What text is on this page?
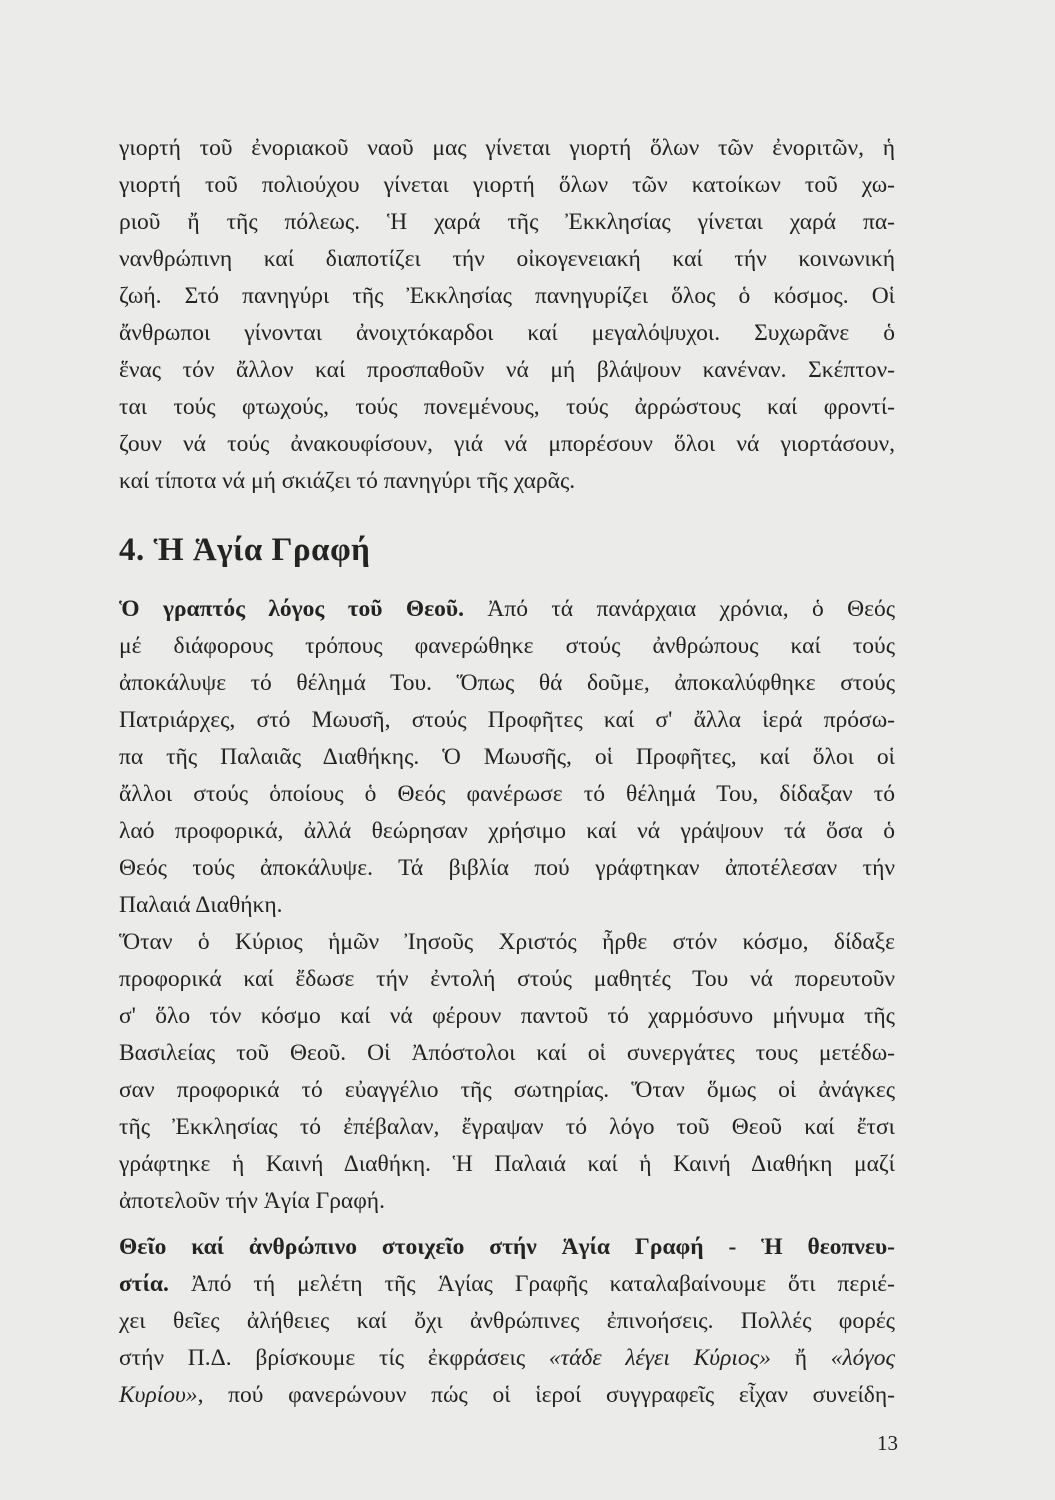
γιορτή τοῦ ἐνοριακοῦ ναοῦ μας γίνεται γιορτή ὅλων τῶν ἐνοριτῶν, ἡ
γιορτή τοῦ πολιούχου γίνεται γιορτή ὅλων τῶν κατοίκων τοῦ χω-
ριοῦ ἤ τῆς πόλεως. Ἡ χαρά τῆς Ἐκκλησίας γίνεται χαρά πα-
νανθρώπινη καί διαποτίζει τήν οἰκογενειακή καί τήν κοινωνική
ζωή. Στό πανηγύρι τῆς Ἐκκλησίας πανηγυρίζει ὅλος ὁ κόσμος. Οἱ
ἄνθρωποι γίνονται ἀνοιχτόκαρδοι καί μεγαλόψυχοι. Συχωρᾶνε ὁ
ἕνας τόν ἄλλον καί προσπαθοῦν νά μή βλάψουν κανέναν. Σκέπτον-
ται τούς φτωχούς, τούς πονεμένους, τούς ἀρρώστους καί φροντί-
ζουν νά τούς ἀνακουφίσουν, γιά νά μπορέσουν ὅλοι νά γιορτάσουν,
καί τίποτα νά μή σκιάζει τό πανηγύρι τῆς χαρᾶς.
4. Ἡ Ἁγία Γραφή
Ὁ γραπτός λόγος τοῦ Θεοῦ. Ἀπό τά πανάρχαια χρόνια, ὁ Θεός
μέ διάφορους τρόπους φανερώθηκε στούς ἀνθρώπους καί τούς
ἀποκάλυψε τό θέλημά Του. Ὅπως θά δοῦμε, ἀποκαλύφθηκε στούς
Πατριάρχες, στό Μωυσῆ, στούς Προφῆτες καί σ' ἄλλα ἱερά πρόσω-
πα τῆς Παλαιᾶς Διαθήκης. Ὁ Μωυσῆς, οἱ Προφῆτες, καί ὅλοι οἱ
ἄλλοι στούς ὁποίους ὁ Θεός φανέρωσε τό θέλημά Του, δίδαξαν τό
λαό προφορικά, ἀλλά θεώρησαν χρήσιμο καί νά γράψουν τά ὅσα ὁ
Θεός τούς ἀποκάλυψε. Τά βιβλία πού γράφτηκαν ἀποτέλεσαν τήν
Παλαιά Διαθήκη.
Ὅταν ὁ Κύριος ἡμῶν Ἰησοῦς Χριστός ἦρθε στόν κόσμο, δίδαξε
προφορικά καί ἔδωσε τήν ἐντολή στούς μαθητές Του νά πορευτοῦν
σ' ὅλο τόν κόσμο καί νά φέρουν παντοῦ τό χαρμόσυνο μήνυμα τῆς
Βασιλείας τοῦ Θεοῦ. Οἱ Ἀπόστολοι καί οἱ συνεργάτες τους μετέδω-
σαν προφορικά τό εὐαγγέλιο τῆς σωτηρίας. Ὅταν ὅμως οἱ ἀνάγκες
τῆς Ἐκκλησίας τό ἐπέβαλαν, ἔγραψαν τό λόγο τοῦ Θεοῦ καί ἔτσι
γράφτηκε ἡ Καινή Διαθήκη. Ἡ Παλαιά καί ἡ Καινή Διαθήκη μαζί
ἀποτελοῦν τήν Ἁγία Γραφή.
Θεῖο καί ἀνθρώπινο στοιχεῖο στήν Ἁγία Γραφή - Ἡ θεοπνευ-
στία. Ἀπό τή μελέτη τῆς Ἁγίας Γραφῆς καταλαβαίνουμε ὅτι περιέ-
χει θεῖες ἀλήθειες καί ὄχι ἀνθρώπινες ἐπινοήσεις. Πολλές φορές
στήν Π.Δ. βρίσκουμε τίς ἐκφράσεις «τάδε λέγει Κύριος» ἤ «λόγος
Κυρίου», πού φανερώνουν πώς οἱ ἱεροί συγγραφεῖς εἶχαν συνείδη-
13
